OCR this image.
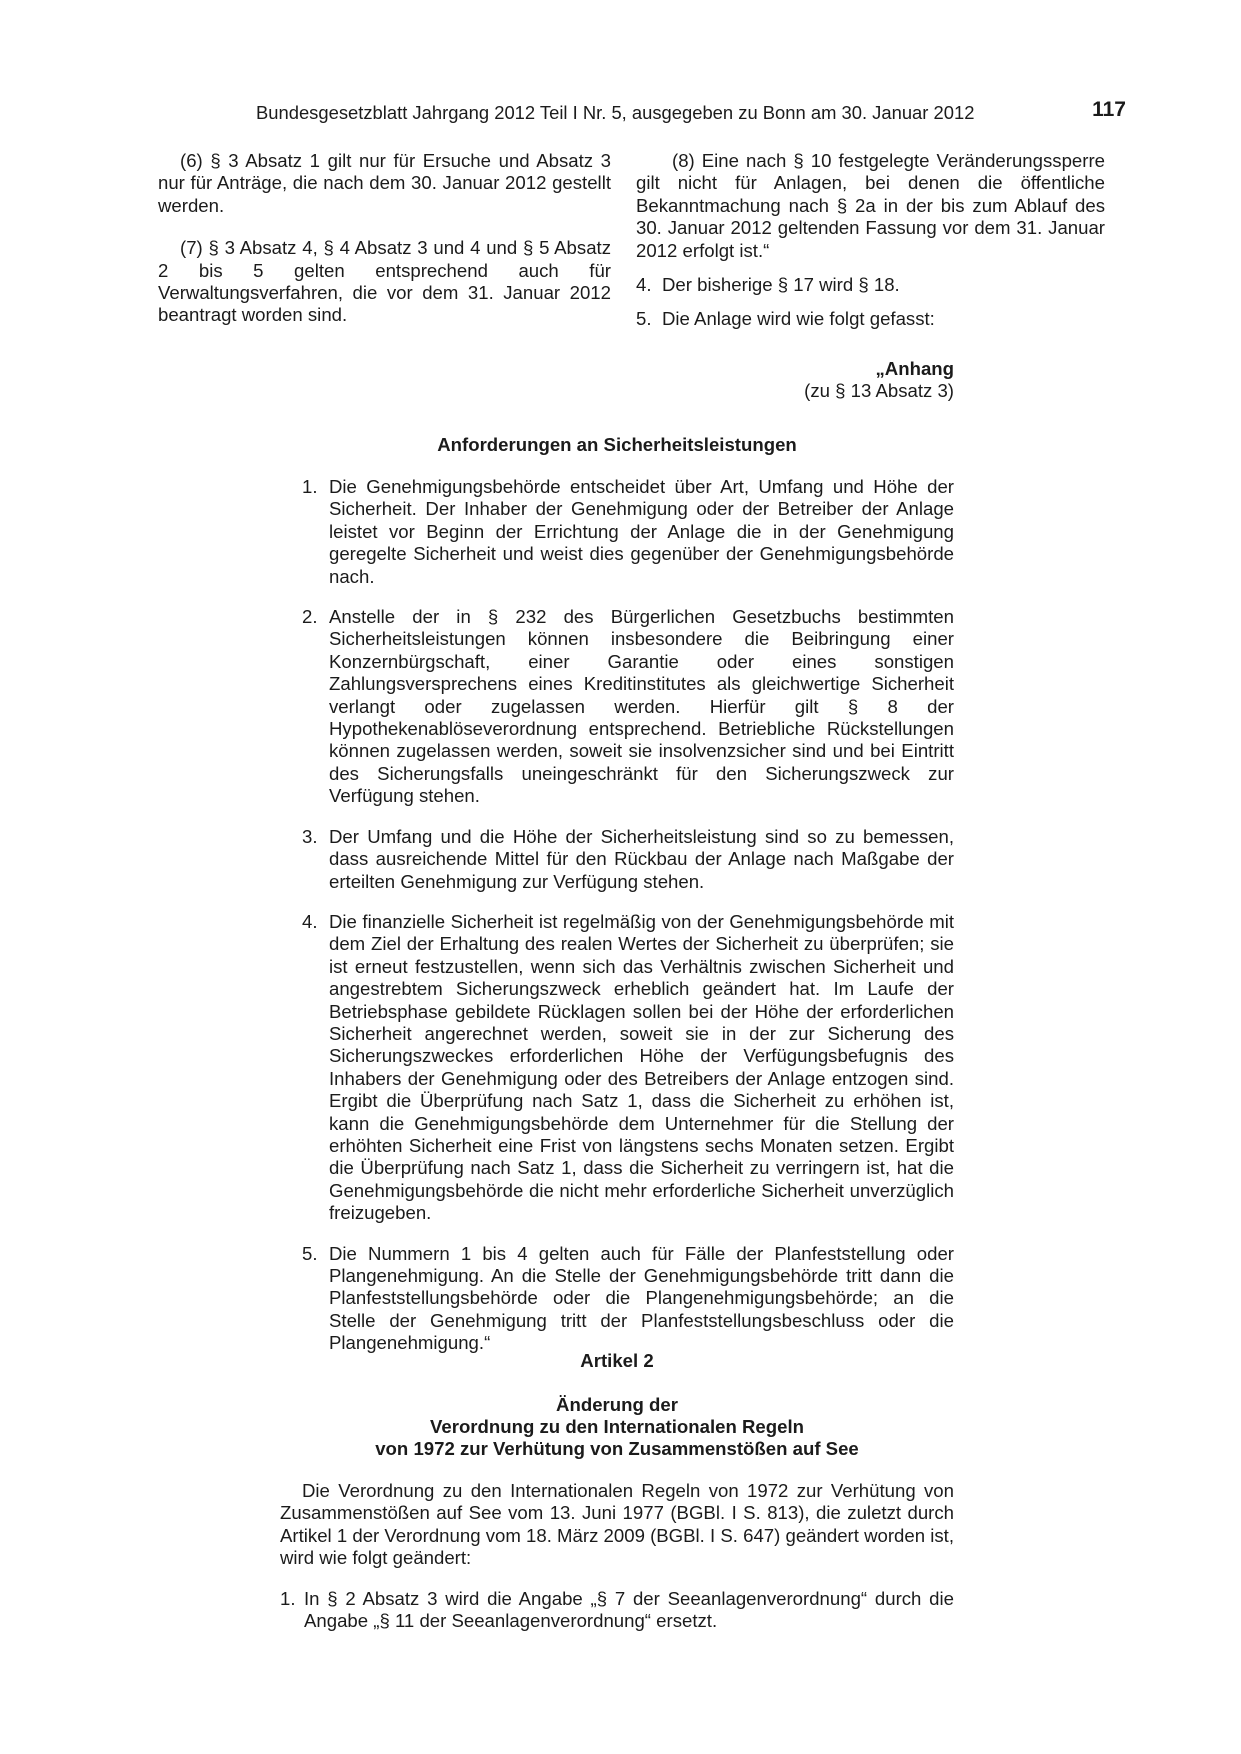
Bundesgesetzblatt Jahrgang 2012 Teil I Nr. 5, ausgegeben zu Bonn am 30. Januar 2012	117

(6) § 3 Absatz 1 gilt nur für Ersuche und Absatz 3 nur für Anträge, die nach dem 30. Januar 2012 gestellt werden.

(7) § 3 Absatz 4, § 4 Absatz 3 und 4 und § 5 Absatz 2 bis 5 gelten entsprechend auch für Verwaltungsverfahren, die vor dem 31. Januar 2012 beantragt worden sind.

(8) Eine nach § 10 festgelegte Veränderungssperre gilt nicht für Anlagen, bei denen die öffentliche Bekanntmachung nach § 2a in der bis zum Ablauf des 30. Januar 2012 geltenden Fassung vor dem 31. Januar 2012 erfolgt ist.“

4. Der bisherige § 17 wird § 18.
5. Die Anlage wird wie folgt gefasst:
„Anhang
(zu § 13 Absatz 3)
Anforderungen an Sicherheitsleistungen
1. Die Genehmigungsbehörde entscheidet über Art, Umfang und Höhe der Sicherheit. Der Inhaber der Genehmigung oder der Betreiber der Anlage leistet vor Beginn der Errichtung der Anlage die in der Genehmigung geregelte Sicherheit und weist dies gegenüber der Genehmigungsbehörde nach.
2. Anstelle der in § 232 des Bürgerlichen Gesetzbuchs bestimmten Sicherheitsleistungen können insbesondere die Beibringung einer Konzernbürgschaft, einer Garantie oder eines sonstigen Zahlungsversprechens eines Kreditinstitutes als gleichwertige Sicherheit verlangt oder zugelassen werden. Hierfür gilt § 8 der Hypothekenablöseverordnung entsprechend. Betriebliche Rückstellungen können zugelassen werden, soweit sie insolvenzsicher sind und bei Eintritt des Sicherungsfalls uneingeschränkt für den Sicherungszweck zur Verfügung stehen.
3. Der Umfang und die Höhe der Sicherheitsleistung sind so zu bemessen, dass ausreichende Mittel für den Rückbau der Anlage nach Maßgabe der erteilten Genehmigung zur Verfügung stehen.
4. Die finanzielle Sicherheit ist regelmäßig von der Genehmigungsbehörde mit dem Ziel der Erhaltung des realen Wertes der Sicherheit zu überprüfen; sie ist erneut festzustellen, wenn sich das Verhältnis zwischen Sicherheit und angestrebtem Sicherungszweck erheblich geändert hat. Im Laufe der Betriebsphase gebildete Rücklagen sollen bei der Höhe der erforderlichen Sicherheit angerechnet werden, soweit sie in der zur Sicherung des Sicherungszweckes erforderlichen Höhe der Verfügungsbefugnis des Inhabers der Genehmigung oder des Betreibers der Anlage entzogen sind. Ergibt die Überprüfung nach Satz 1, dass die Sicherheit zu erhöhen ist, kann die Genehmigungsbehörde dem Unternehmer für die Stellung der erhöhten Sicherheit eine Frist von längstens sechs Monaten setzen. Ergibt die Überprüfung nach Satz 1, dass die Sicherheit zu verringern ist, hat die Genehmigungsbehörde die nicht mehr erforderliche Sicherheit unverzüglich freizugeben.
5. Die Nummern 1 bis 4 gelten auch für Fälle der Planfeststellung oder Plangenehmigung. An die Stelle der Genehmigungsbehörde tritt dann die Planfeststellungsbehörde oder die Plangenehmigungsbehörde; an die Stelle der Genehmigung tritt der Planfeststellungsbeschluss oder die Plangenehmigung.“
Artikel 2
Änderung der
Verordnung zu den Internationalen Regeln
von 1972 zur Verhütung von Zusammenstößen auf See

Die Verordnung zu den Internationalen Regeln von 1972 zur Verhütung von Zusammenstößen auf See vom 13. Juni 1977 (BGBl. I S. 813), die zuletzt durch Artikel 1 der Verordnung vom 18. März 2009 (BGBl. I S. 647) geändert worden ist, wird wie folgt geändert:

1. In § 2 Absatz 3 wird die Angabe „§ 7 der Seeanlagenverordnung“ durch die Angabe „§ 11 der Seeanlagenverordnung“ ersetzt.
